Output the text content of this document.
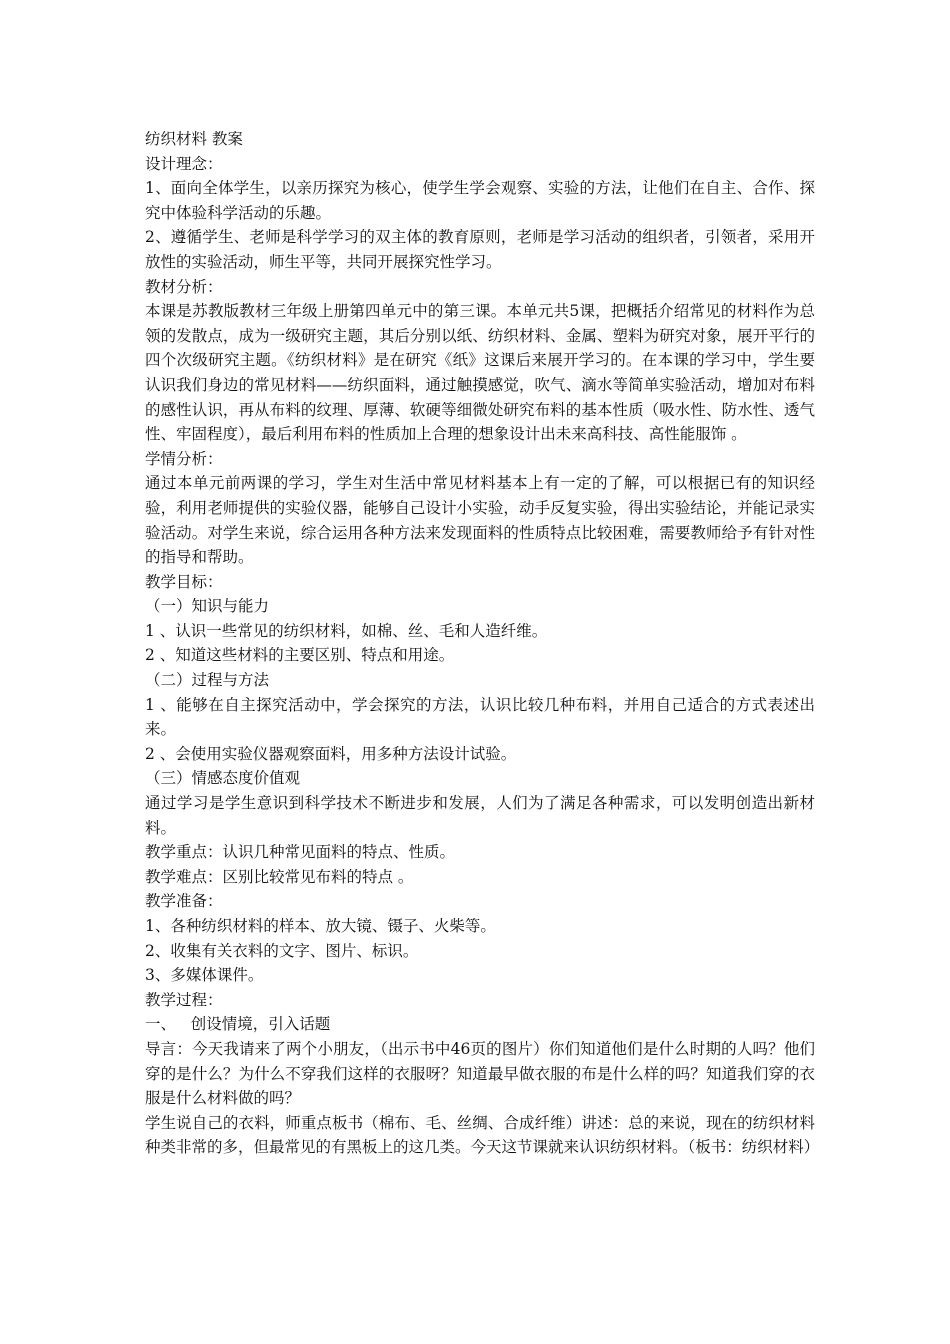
纺织材料 教案

设计理念：

1、面向全体学生，以亲历探究为核心，使学生学会观察、实验的方法，让他们在自主、合作、探究中体验科学活动的乐趣。

2、遵循学生、老师是科学学习的双主体的教育原则，老师是学习活动的组织者，引领者，采用开放性的实验活动，师生平等，共同开展探究性学习。

教材分析：

本课是苏教版教材三年级上册第四单元中的第三课。本单元共5课，把概括介绍常见的材料作为总领的发散点，成为一级研究主题，其后分别以纸、纺织材料、金属、塑料为研究对象，展开平行的四个次级研究主题。《纺织材料》是在研究《纸》这课后来展开学习的。在本课的学习中，学生要认识我们身边的常见材料——纺织面料，通过触摸感觉，吹气、滴水等简单实验活动，增加对布料的感性认识，再从布料的纹理、厚薄、软硬等细微处研究布料的基本性质（吸水性、防水性、透气性、牢固程度），最后利用布料的性质加上合理的想象设计出未来高科技、高性能服饰 。

学情分析：

通过本单元前两课的学习，学生对生活中常见材料基本上有一定的了解，可以根据已有的知识经验，利用老师提供的实验仪器，能够自己设计小实验，动手反复实验，得出实验结论，并能记录实验活动。对学生来说，综合运用各种方法来发现面料的性质特点比较困难，需要教师给予有针对性的指导和帮助。

教学目标：

（一）知识与能力

1 、认识一些常见的纺织材料，如棉、丝、毛和人造纤维。

2 、知道这些材料的主要区别、特点和用途。

（二）过程与方法

1 、能够在自主探究活动中，学会探究的方法，认识比较几种布料，并用自己适合的方式表述出来。

2 、会使用实验仪器观察面料，用多种方法设计试验。

（三）情感态度价值观

通过学习是学生意识到科学技术不断进步和发展，人们为了满足各种需求，可以发明创造出新材料。

教学重点：认识几种常见面料的特点、性质。

教学难点：区别比较常见布料的特点 。

教学准备：

1、各种纺织材料的样本、放大镜、镊子、火柴等。

2、收集有关衣料的文字、图片、标识。

3、多媒体课件。

教学过程：

一、   创设情境，引入话题

导言：今天我请来了两个小朋友，（出示书中46页的图片）你们知道他们是什么时期的人吗？他们穿的是什么？为什么不穿我们这样的衣服呀？知道最早做衣服的布是什么样的吗？知道我们穿的衣服是什么材料做的吗？

学生说自己的衣料，师重点板书（棉布、毛、丝绸、合成纤维）讲述：总的来说，现在的纺织材料种类非常的多，但最常见的有黑板上的这几类。今天这节课就来认识纺织材料。（板书：纺织材料）
